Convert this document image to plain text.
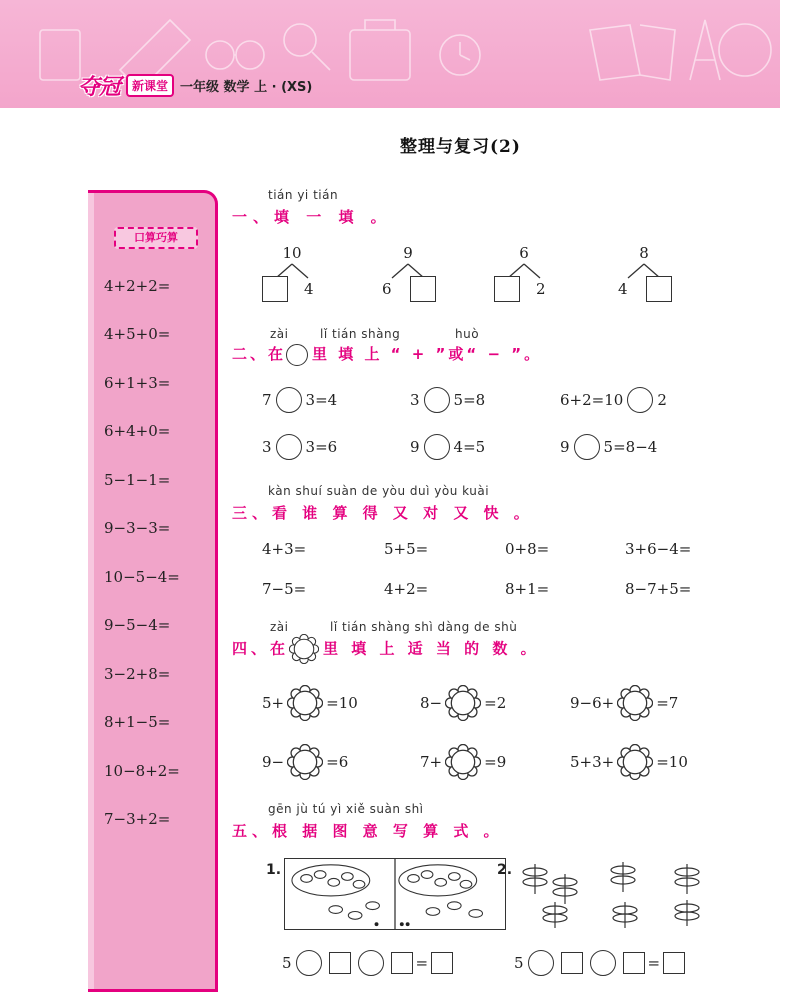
夺冠	新课堂 一年级 数学 上 · (XS)
整理与复习(2)
口算巧算
4+2+2=
4+5+0=
6+1+3=
6+4+0=
5−1−1=
9−3−3=
10−5−4=
9−5−4=
3−2+8=
8+1−5=
10−8+2=
7−3+2=
tián yi tián
一、填 一 填 。
10
4
9
6
6
2
8
4
zài	lǐ tián shàng	huò
二、在 里 填 上 “ + ”或“ − ”。
7 3=4	3 5=8	6+2=10 2
3 3=6	9 4=5	9 5=8−4
kàn shuí suàn de yòu duì yòu kuài
三、看 谁 算 得 又 对 又 快 。
4+3=	5+5=	0+8=	3+6−4=
7−5=	4+2=	8+1=	8−7+5=
zài	lǐ tián shàng shì dàng de shù
四、在 里 填 上 适 当 的 数 。
5+	=10	8−	=2	9−6+	=7
9−	=6	7+	=9	5+3+	=10
gēn jù tú yì xiě suàn shì
五、根 据 图 意 写 算 式 。
1.	2.
5	=	5	=
